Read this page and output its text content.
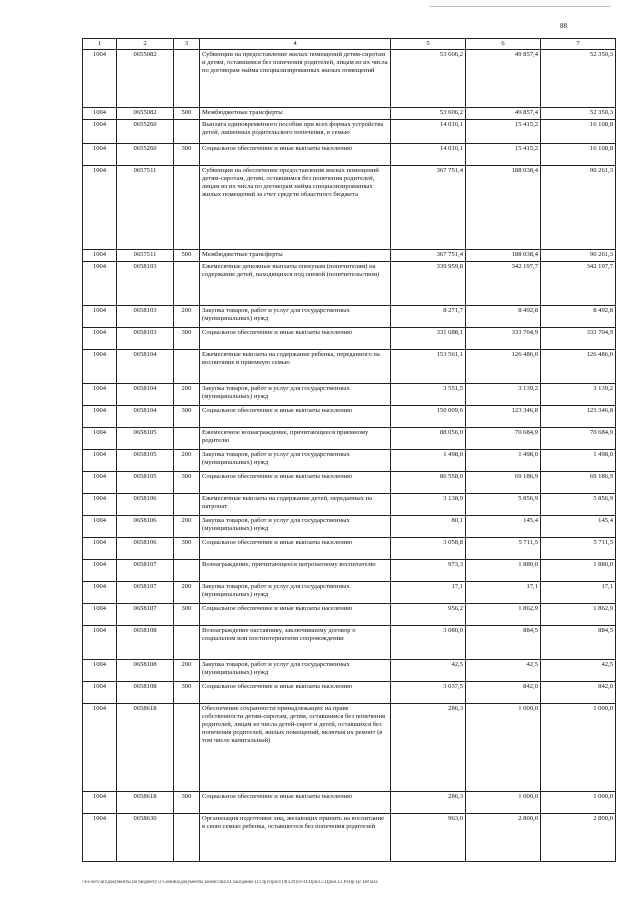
88
1	2	3	4	5	6	7
1004	0655082		Субвенции на предоставление жилых помещений детям-сиротам и детям, оставшимся без попечения родителей, лицам из их числа по договорам найма специализированных жилых помещений	53 606,2	49 857,4	52 350,3
1004	0655082	500	Межбюджетные трансферты	53 606,2	49 857,4	52 350,3
1004	0655260		Выплата единовременного пособия при всех формах устройства детей, лишенных родительского попечения, в семью	14 010,1	15 415,2	16 108,8
1004	0655260	300	Социальное обеспечение и иные выплаты населению	14 010,1	15 415,2	16 108,8
1004	0657511		Субвенции на обеспечение предоставления жилых помещений детям-сиротам, детям, оставшимся без попечения родителей, лицам из их числа по договорам найма специализированных жилых помещений за счет средств областного бюджета	367 751,4	188 038,4	90 261,3
1004	0657511	500	Межбюджетные трансферты	367 751,4	188 038,4	90 261,3
1004	0658103		Ежемесячные денежные выплаты опекунам (попечителям) на содержание детей, находящихся под опекой (попечительством)	339 959,8	342 197,7	342 197,7
1004	0658103	200	Закупка товаров, работ и услуг для государственных (муниципальных) нужд	8 271,7	8 492,8	8 492,8
1004	0658103	300	Социальное обеспечение и иные выплаты населению	331 688,1	333 704,9	333 704,9
1004	0658104		Ежемесячные выплаты на содержание ребенка, переданного на воспитание в приемную семью	153 561,1	126 486,0	126 486,0
1004	0658104	200	Закупка товаров, работ и услуг для государственных (муниципальных) нужд	3 551,5	3 139,2	3 139,2
1004	0658104	300	Социальное обеспечение и иные выплаты населению	150 009,6	123 346,8	123 346,8
1004	0658105		Ежемесячное вознаграждение, причитающееся приемному родителю	88 056,0	70 684,9	70 684,9
1004	0658105	200	Закупка товаров, работ и услуг для государственных (муниципальных) нужд	1 498,0	1 498,0	1 498,0
1004	0658105	300	Социальное обеспечение и иные выплаты населению	86 558,0	69 186,9	69 186,9
1004	0658106		Ежемесячные выплаты на содержание детей, переданных на патронат	3 138,9	5 856,9	5 856,9
1004	0658106	200	Закупка товаров, работ и услуг для государственных (муниципальных) нужд	80,1	145,4	145,4
1004	0658106	300	Социальное обеспечение и иные выплаты населению	3 058,8	5 711,5	5 711,5
1004	0658107		Вознаграждение, причитающееся патронатному воспитателю	973,3	1 880,0	1 880,0
1004	0658107	200	Закупка товаров, работ и услуг для государственных (муниципальных) нужд	17,1	17,1	17,1
1004	0658107	300	Социальное обеспечение и иные выплаты населению	956,2	1 862,9	1 862,9
1004	0658108		Вознаграждение наставнику, заключившему договор о социальном или постинтернатном сопровождении	3 080,0	884,5	884,5
1004	0658108	200	Закупка товаров, работ и услуг для государственных (муниципальных) нужд	42,5	42,5	42,5
1004	0658108	300	Социальное обеспечение и иные выплаты населению	3 037,5	842,0	842,0
1004	0658618		Обеспечение сохранности принадлежащих на праве собственности детям-сиротам, детям, оставшимся без попечения родителей, лицам из числа детей-сирот и детей, оставшихся без попечения родителей, жилых помещений, включая их ремонт (в том числе капитальный)	286,3	1 000,0	1 000,0
1004	0658618	300	Социальное обеспечение и иные выплаты населению	286,3	1 000,0	1 000,0
1004	0658630		Организация подготовки лиц, желающих принять на воспитание в свою семью ребенка, оставшегося без попечения родителей	963,0	2 800,0	2 800,0
\\Fs-serv\all\документы по бюджету\3 Семина\документы комиссии\43 заседание (113р)\прил\19(129)\П-О\Прил.5 Прил.12 РзПр Цс ВР.xlsx
